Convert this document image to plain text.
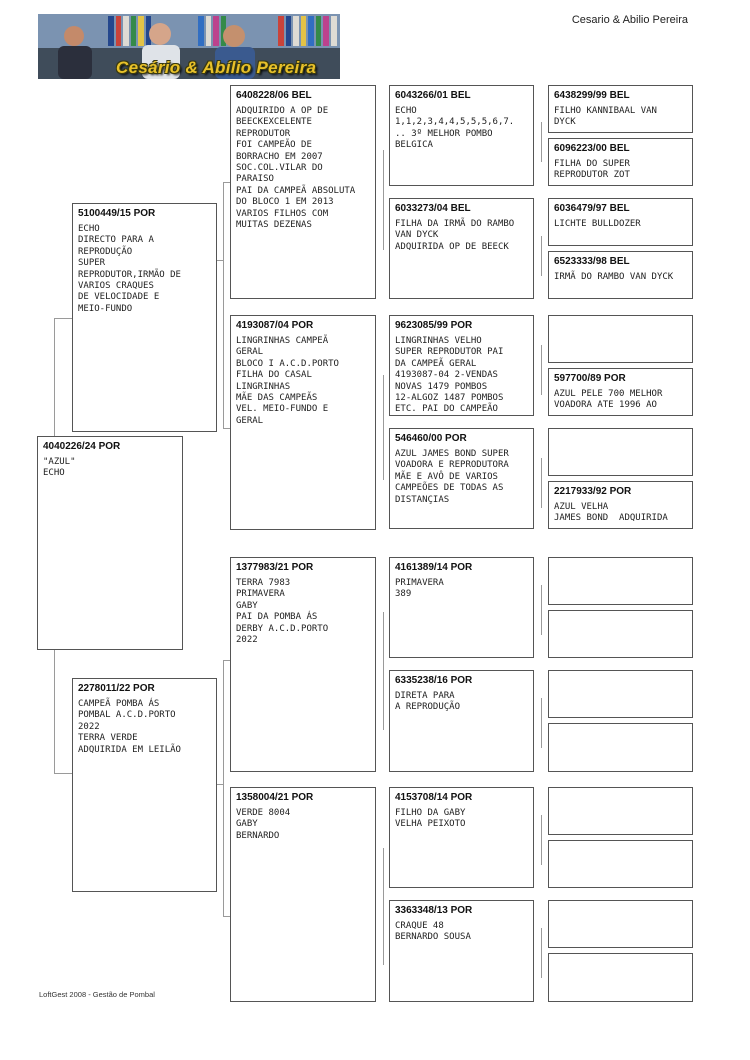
Cesário & Abílio Pereira
Cesario & Abilio Pereira
4040226/24 POR
"AZUL"
ECHO
5100449/15 POR
ECHO
DIRECTO PARA A
REPRODUÇÃO
SUPER
REPRODUTOR,IRMÃO DE
VARIOS CRAQUES
DE VELOCIDADE E
MEIO-FUNDO
2278011/22 POR
CAMPEÃ POMBA ÁS
POMBAL A.C.D.PORTO
2022
TERRA VERDE
ADQUIRIDA EM LEILÃO
6408228/06 BEL
ADQUIRIDO A OP DE
BEECKEXCELENTE
REPRODUTOR
FOI CAMPEÃO DE
BORRACHO EM 2007
SOC.COL.VILAR DO
PARAISO
PAI DA CAMPEÃ ABSOLUTA
DO BLOCO 1 EM 2013
VARIOS FILHOS COM
MUITAS DEZENAS
4193087/04 POR
LINGRINHAS CAMPEÃ
GERAL
BLOCO I A.C.D.PORTO
FILHA DO CASAL
LINGRINHAS
MÃE DAS CAMPEÃS
VEL. MEIO-FUNDO E
GERAL
1377983/21 POR
TERRA 7983
PRIMAVERA
GABY
PAI DA POMBA ÁS
DERBY A.C.D.PORTO
2022
1358004/21 POR
VERDE 8004
GABY
BERNARDO
6043266/01 BEL
ECHO
1,1,2,3,4,4,5,5,5,6,7.
.. 3º MELHOR POMBO
BELGICA
6033273/04 BEL
FILHA DA IRMÃ DO RAMBO
VAN DYCK
ADQUIRIDA OP DE BEECK
9623085/99 POR
LINGRINHAS VELHO
SUPER REPRODUTOR PAI
DA CAMPEÃ GERAL
4193087-04 2-VENDAS
NOVAS 1479 POMBOS
12-ALGOZ 1487 POMBOS
ETC. PAI DO CAMPEÃO
546460/00 POR
AZUL JAMES BOND SUPER
VOADORA E REPRODUTORA
MÃE E AVÔ DE VARIOS
CAMPEÕES DE TODAS AS
DISTANÇIAS
4161389/14 POR
PRIMAVERA
389
6335238/16 POR
DIRETA PARA
A REPRODUÇÃO
4153708/14 POR
FILHO DA GABY
VELHA PEIXOTO
3363348/13 POR
CRAQUE 48
BERNARDO SOUSA
6438299/99 BEL
FILHO KANNIBAAL VAN
DYCK
6096223/00 BEL
FILHA DO SUPER
REPRODUTOR ZOT
6036479/97 BEL
LICHTE BULLDOZER
6523333/98 BEL
IRMÃ DO RAMBO VAN DYCK
597700/89 POR
AZUL PELE 700 MELHOR
VOADORA ATE 1996 AO
2217933/92 POR
AZUL VELHA
JAMES BOND  ADQUIRIDA
LoftGest 2008 - Gestão de Pombal
